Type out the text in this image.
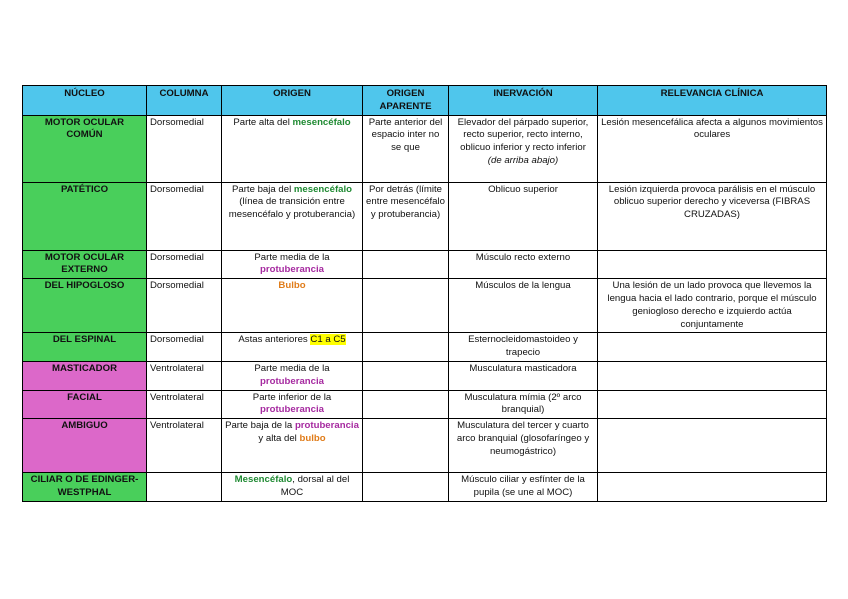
NÚCLEO	COLUMNA	ORIGEN	ORIGEN APARENTE	INERVACIÓN	RELEVANCIA CLÍNICA
MOTOR OCULAR COMÚN	Dorsomedial	Parte alta del mesencéfalo	Parte anterior del espacio inter no se que	Elevador del párpado superior, recto superior, recto interno, oblicuo inferior y recto inferior (de arriba abajo)	Lesión mesencefálica afecta a algunos movimientos oculares
PATÉTICO	Dorsomedial	Parte baja del mesencéfalo (línea de transición entre mesencéfalo y protuberancia)	Por detrás (límite entre mesencéfalo y protuberancia)	Oblicuo superior	Lesión izquierda provoca parálisis en el músculo oblicuo superior derecho y viceversa (FIBRAS CRUZADAS)
MOTOR OCULAR EXTERNO	Dorsomedial	Parte media de la protuberancia		Músculo recto externo	
DEL HIPOGLOSO	Dorsomedial	Bulbo		Músculos de la lengua	Una lesión de un lado provoca que llevemos la lengua hacia el lado contrario, porque el músculo geniogloso derecho e izquierdo actúa conjuntamente
DEL ESPINAL	Dorsomedial	Astas anteriores C1 a C5		Esternocleidomastoideo y trapecio	
MASTICADOR	Ventrolateral	Parte media de la protuberancia		Musculatura masticadora	
FACIAL	Ventrolateral	Parte inferior de la protuberancia		Musculatura mímia (2º arco branquial)	
AMBIGUO	Ventrolateral	Parte baja de la protuberancia y alta del bulbo		Musculatura del tercer y cuarto arco branquial (glosofaríngeo y neumogástrico)	
CILIAR O DE EDINGER-WESTPHAL		Mesencéfalo, dorsal al del MOC		Músculo ciliar y esfínter de la pupila (se une al MOC)	
